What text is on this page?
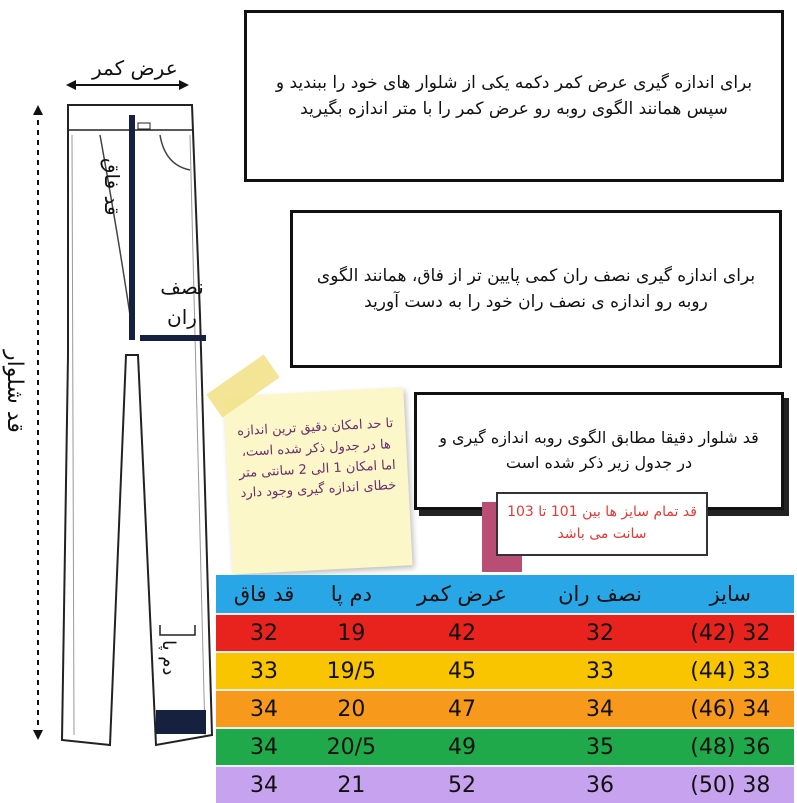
عرض کمر
قد فاق
نصف
ران
قد شلوار
دم پا
برای اندازه گیری عرض کمر دکمه یکی از شلوار های خود را ببندید و سپس همانند الگوی روبه رو عرض کمر را با متر اندازه بگیرید
برای اندازه گیری نصف ران کمی پایین تر از فاق، همانند الگوی روبه رو اندازه ی نصف ران خود را به دست آورید
قد شلوار دقیقا مطابق الگوی روبه اندازه گیری و در جدول زیر ذکر شده است
تا حد امکان دقیق ترین اندازه ها در جدول ذکر شده است، اما امکان 1 الی 2 سانتی متر خطای اندازه گیری وجود دارد
قد تمام سایز ها بین 101 تا 103 سانت می باشد
سایز	نصف ران	عرض کمر	دم پا	قد فاق
32 (42)	32	42	19	32
33 (44)	33	45	19/5	33
34 (46)	34	47	20	34
36 (48)	35	49	20/5	34
38 (50)	36	52	21	34
